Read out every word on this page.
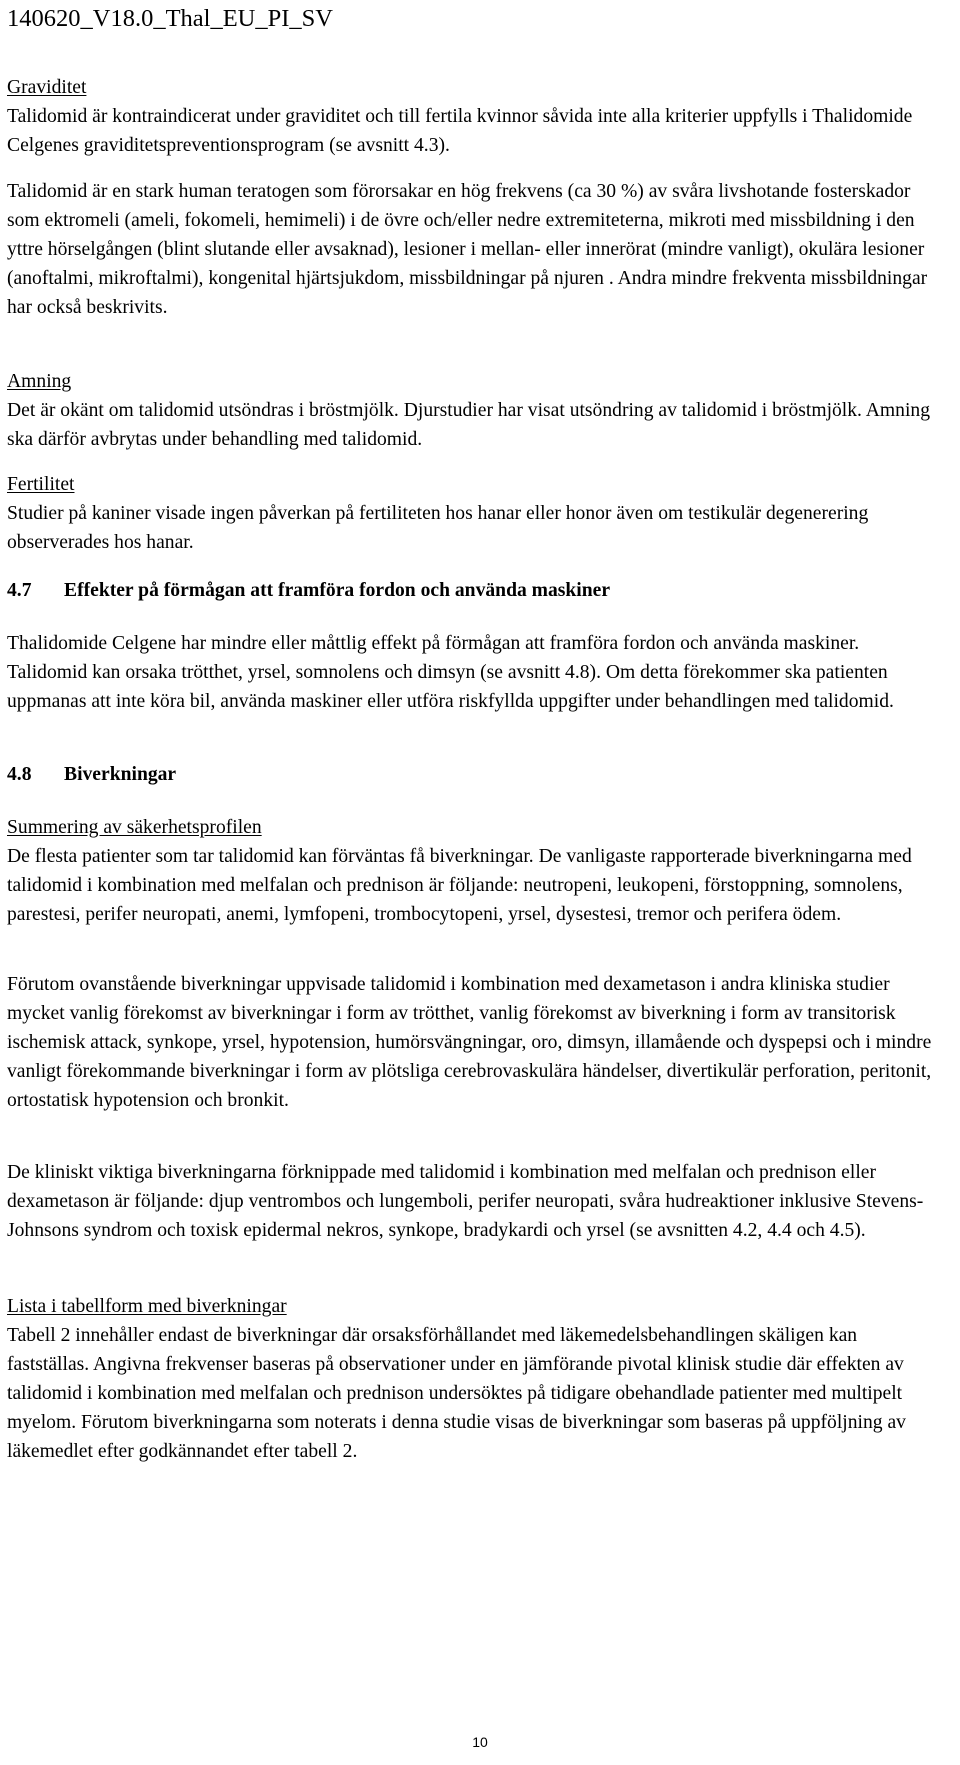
140620_V18.0_Thal_EU_PI_SV

Graviditet

Talidomid är kontraindicerat under graviditet och till fertila kvinnor såvida inte alla kriterier uppfylls i Thalidomide Celgenes graviditetspreventionsprogram (se avsnitt 4.3).

Talidomid är en stark human teratogen som förorsakar en hög frekvens (ca 30 %) av svåra livshotande fosterskador som ektromeli (ameli, fokomeli, hemimeli) i de övre och/eller nedre extremiteterna, mikroti med missbildning i den yttre hörselgången (blint slutande eller avsaknad), lesioner i mellan- eller innerörat (mindre vanligt), okulära lesioner (anoftalmi, mikroftalmi), kongenital hjärtsjukdom, missbildningar på njuren . Andra mindre frekventa missbildningar har också beskrivits.

Amning

Det är okänt om talidomid utsöndras i bröstmjölk. Djurstudier har visat utsöndring av talidomid i bröstmjölk. Amning ska därför avbrytas under behandling med talidomid.

Fertilitet

Studier på kaniner visade ingen påverkan på fertiliteten hos hanar eller honor även om testikulär degenerering observerades hos hanar.

4.7 Effekter på förmågan att framföra fordon och använda maskiner

Thalidomide Celgene har mindre eller måttlig effekt på förmågan att framföra fordon och använda maskiner. Talidomid kan orsaka trötthet, yrsel, somnolens och dimsyn (se avsnitt 4.8). Om detta förekommer ska patienten uppmanas att inte köra bil, använda maskiner eller utföra riskfyllda uppgifter under behandlingen med talidomid.

4.8 Biverkningar

Summering av säkerhetsprofilen

De flesta patienter som tar talidomid kan förväntas få biverkningar. De vanligaste rapporterade biverkningarna med talidomid i kombination med melfalan och prednison är följande: neutropeni, leukopeni, förstoppning, somnolens, parestesi, perifer neuropati, anemi, lymfopeni, trombocytopeni, yrsel, dysestesi, tremor och perifera ödem.

Förutom ovanstående biverkningar uppvisade talidomid i kombination med dexametason i andra kliniska studier mycket vanlig förekomst av biverkningar i form av trötthet, vanlig förekomst av biverkning i form av transitorisk ischemisk attack, synkope, yrsel, hypotension, humörsvängningar, oro, dimsyn, illamående och dyspepsi och i mindre vanligt förekommande biverkningar i form av plötsliga cerebrovaskulära händelser, divertikulär perforation, peritonit, ortostatisk hypotension och bronkit.

De kliniskt viktiga biverkningarna förknippade med talidomid i kombination med melfalan och prednison eller dexametason är följande: djup ventrombos och lungemboli, perifer neuropati, svåra hudreaktioner inklusive Stevens-Johnsons syndrom och toxisk epidermal nekros, synkope, bradykardi och yrsel (se avsnitten 4.2, 4.4 och 4.5).

Lista i tabellform med biverkningar

Tabell 2 innehåller endast de biverkningar där orsaksförhållandet med läkemedelsbehandlingen skäligen kan fastställas. Angivna frekvenser baseras på observationer under en jämförande pivotal klinisk studie där effekten av talidomid i kombination med melfalan och prednison undersöktes på tidigare obehandlade patienter med multipelt myelom. Förutom biverkningarna som noterats i denna studie visas de biverkningar som baseras på uppföljning av läkemedlet efter godkännandet efter tabell 2.

10
